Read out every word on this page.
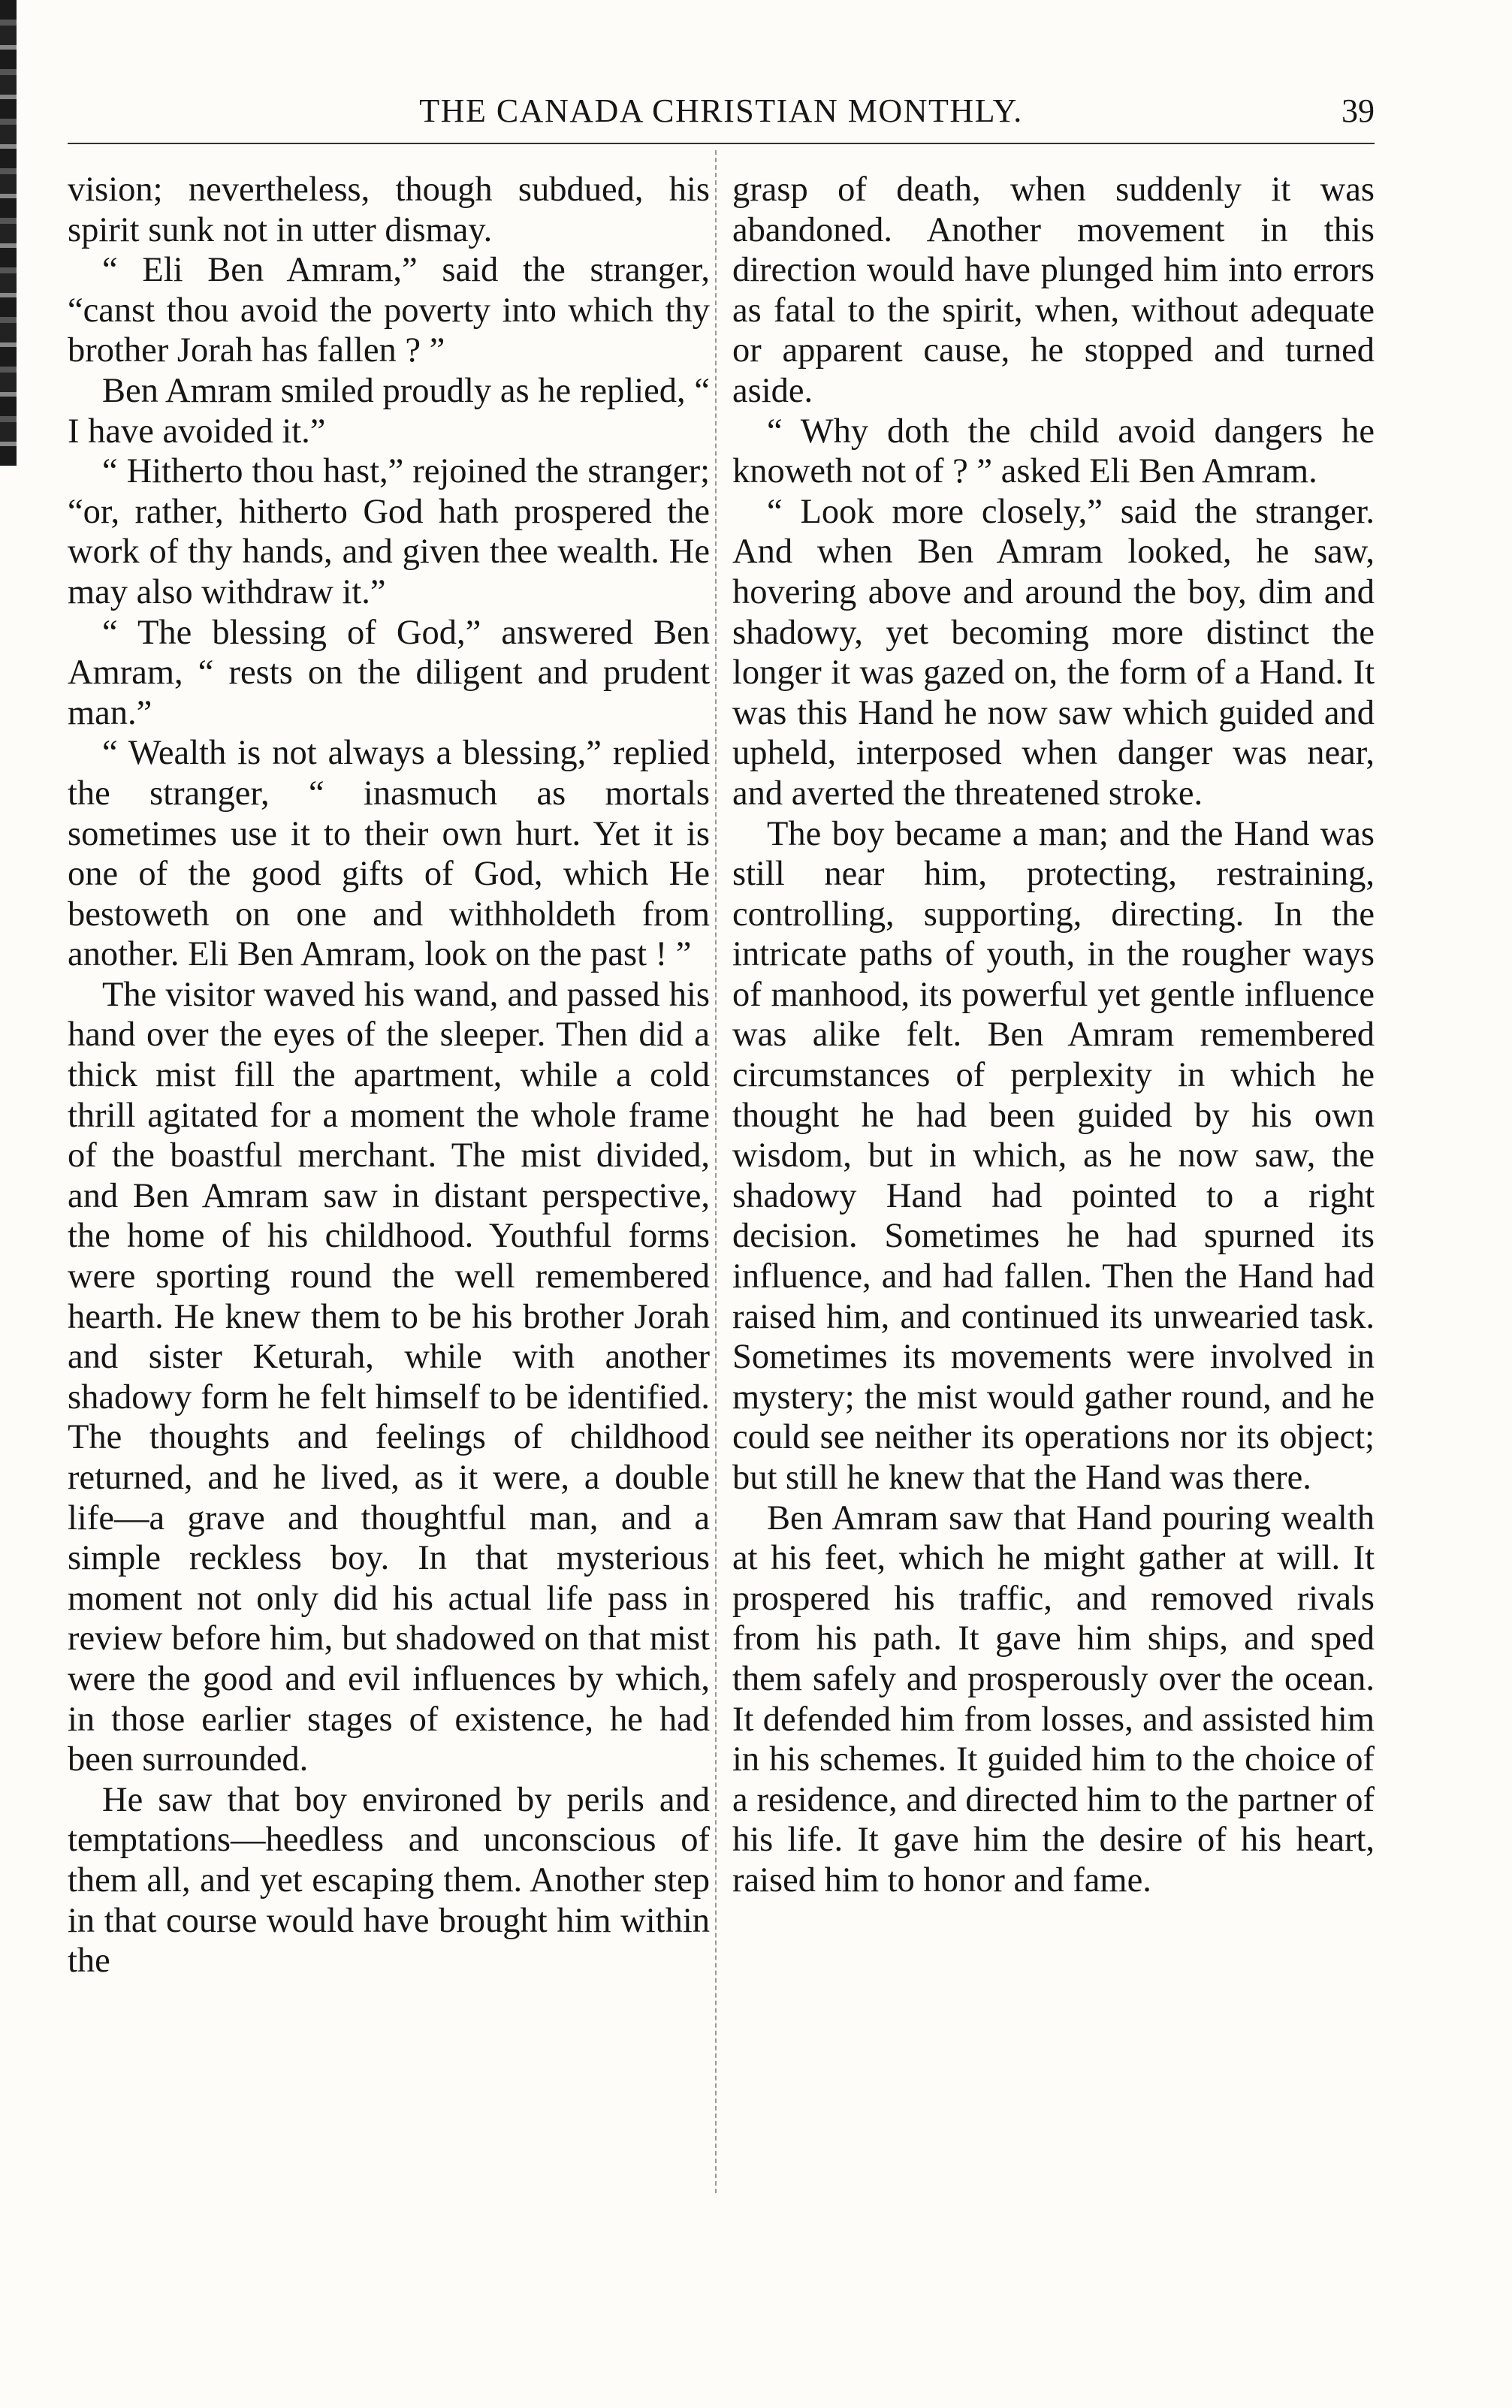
THE CANADA CHRISTIAN MONTHLY.	39

vision; nevertheless, though subdued, his spirit sunk not in utter dismay.

“ Eli Ben Amram,” said the stranger, “canst thou avoid the poverty into which thy brother Jorah has fallen ? ”

Ben Amram smiled proudly as he replied, “ I have avoided it.”

“ Hitherto thou hast,” rejoined the stranger; “or, rather, hitherto God hath prospered the work of thy hands, and given thee wealth. He may also withdraw it.”

“ The blessing of God,” answered Ben Amram, “ rests on the diligent and prudent man.”

“ Wealth is not always a blessing,” replied the stranger, “ inasmuch as mortals sometimes use it to their own hurt. Yet it is one of the good gifts of God, which He bestoweth on one and withholdeth from another. Eli Ben Amram, look on the past ! ”

The visitor waved his wand, and passed his hand over the eyes of the sleeper. Then did a thick mist fill the apartment, while a cold thrill agitated for a moment the whole frame of the boastful merchant. The mist divided, and Ben Amram saw in distant perspective, the home of his childhood. Youthful forms were sporting round the well remembered hearth. He knew them to be his brother Jorah and sister Keturah, while with another shadowy form he felt himself to be identified. The thoughts and feelings of childhood returned, and he lived, as it were, a double life—a grave and thoughtful man, and a simple reckless boy. In that mysterious moment not only did his actual life pass in review before him, but shadowed on that mist were the good and evil influences by which, in those earlier stages of existence, he had been surrounded.

He saw that boy environed by perils and temptations—heedless and unconscious of them all, and yet escaping them. Another step in that course would have brought him within the

grasp of death, when suddenly it was abandoned. Another movement in this direction would have plunged him into errors as fatal to the spirit, when, without adequate or apparent cause, he stopped and turned aside.

“ Why doth the child avoid dangers he knoweth not of ? ” asked Eli Ben Amram.

“ Look more closely,” said the stranger. And when Ben Amram looked, he saw, hovering above and around the boy, dim and shadowy, yet becoming more distinct the longer it was gazed on, the form of a Hand. It was this Hand he now saw which guided and upheld, interposed when danger was near, and averted the threatened stroke.

The boy became a man; and the Hand was still near him, protecting, restraining, controlling, supporting, directing. In the intricate paths of youth, in the rougher ways of manhood, its powerful yet gentle influence was alike felt. Ben Amram remembered circumstances of perplexity in which he thought he had been guided by his own wisdom, but in which, as he now saw, the shadowy Hand had pointed to a right decision. Sometimes he had spurned its influence, and had fallen. Then the Hand had raised him, and continued its unwearied task. Sometimes its movements were involved in mystery; the mist would gather round, and he could see neither its operations nor its object; but still he knew that the Hand was there.

Ben Amram saw that Hand pouring wealth at his feet, which he might gather at will. It prospered his traffic, and removed rivals from his path. It gave him ships, and sped them safely and prosperously over the ocean. It defended him from losses, and assisted him in his schemes. It guided him to the choice of a residence, and directed him to the partner of his life. It gave him the desire of his heart, raised him to honor and fame.
